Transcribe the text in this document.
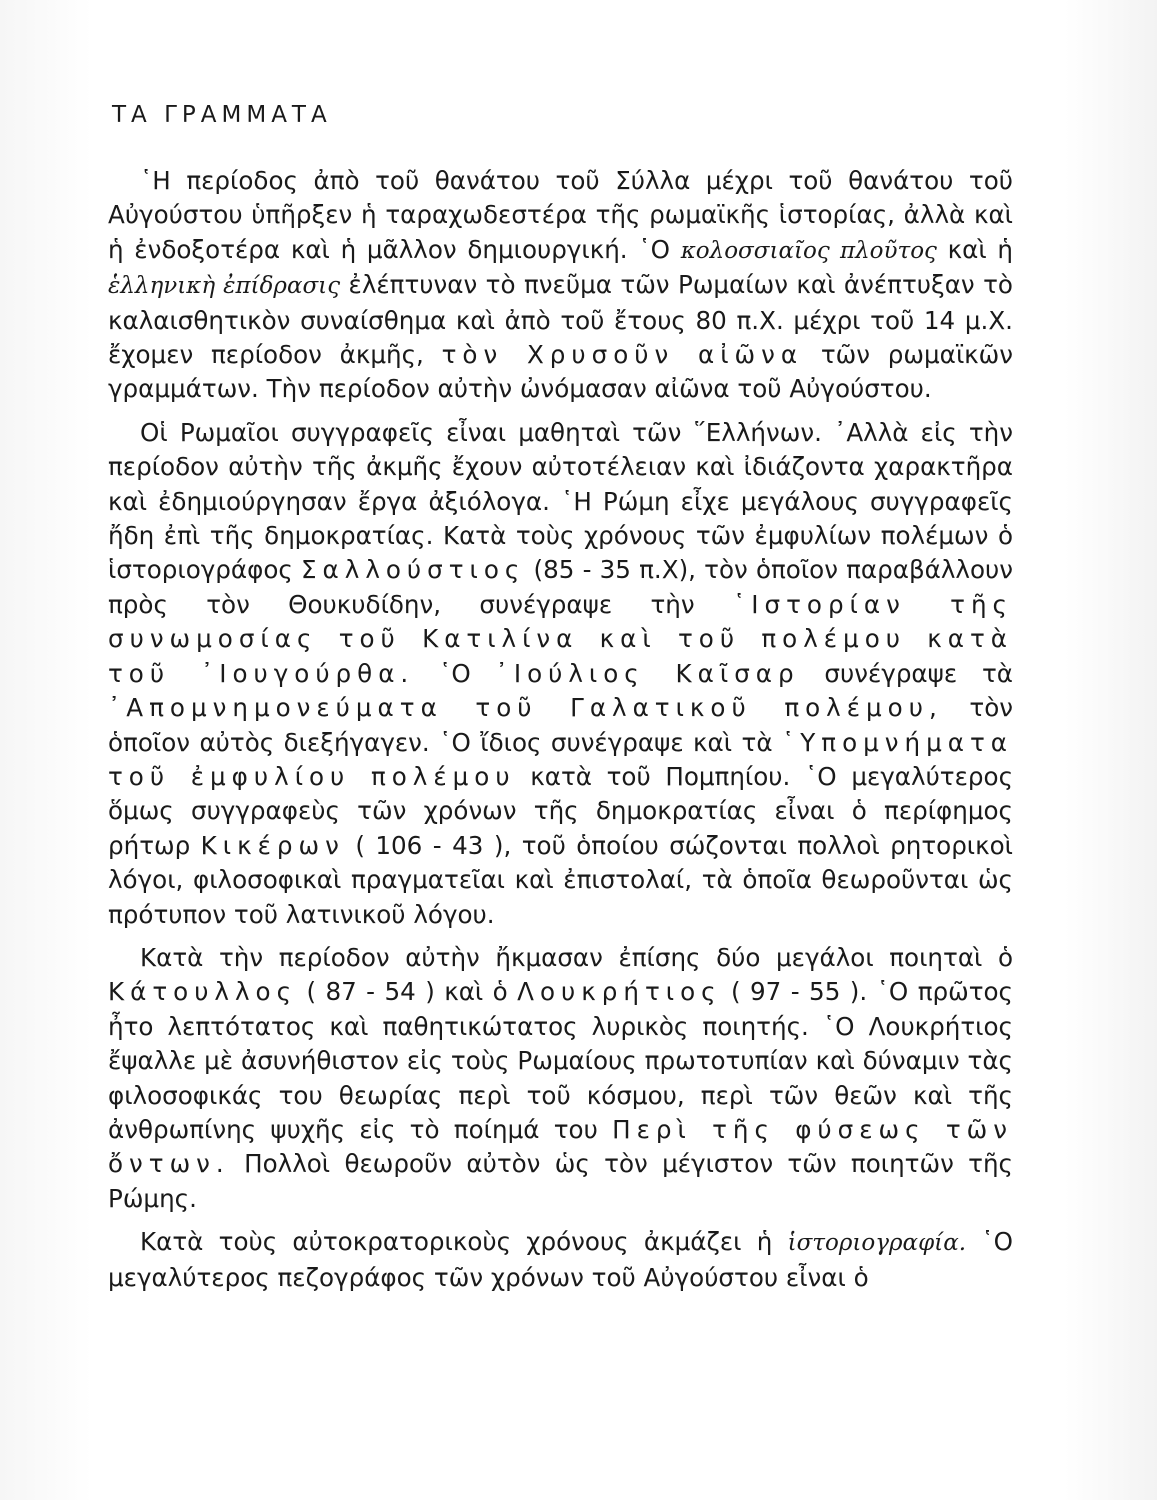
ΤΑ ΓΡΑΜΜΑΤΑ

῾Η περίοδος ἀπὸ τοῦ θανάτου τοῦ Σύλλα μέχρι τοῦ θανάτου τοῦ Αὐγούστου ὑπῆρξεν ἡ ταραχωδεστέρα τῆς ρωμαϊκῆς ἱστορίας, ἀλλὰ καὶ ἡ ἐνδοξοτέρα καὶ ἡ μᾶλλον δημιουργική. ῾Ο κολοσσιαῖος πλοῦτος καὶ ἡ ἑλληνικὴ ἐπίδρασις ἐλέπτυναν τὸ πνεῦμα τῶν Ρωμαίων καὶ ἀνέπτυξαν τὸ καλαισθητικὸν συναίσθημα καὶ ἀπὸ τοῦ ἔτους 80 π.Χ. μέχρι τοῦ 14 μ.Χ. ἔχομεν περίοδον ἀκμῆς, τὸν Χρυσοῦν αἰῶνα τῶν ρωμαϊκῶν γραμμάτων. Τὴν περίοδον αὐτὴν ὠνόμασαν αἰῶνα τοῦ Αὐγούστου.

Οἱ Ρωμαῖοι συγγραφεῖς εἶναι μαθηταὶ τῶν ῞Ελλήνων. ᾿Αλλὰ εἰς τὴν περίοδον αὐτὴν τῆς ἀκμῆς ἔχουν αὐτοτέλειαν καὶ ἰδιάζοντα χαρακτῆρα καὶ ἐδημιούργησαν ἔργα ἀξιόλογα. ῾Η Ρώμη εἶχε μεγάλους συγγραφεῖς ἤδη ἐπὶ τῆς δημοκρατίας. Κατὰ τοὺς χρόνους τῶν ἐμφυλίων πολέμων ὁ ἱστοριογράφος Σαλλούστιος (85 - 35 π.Χ), τὸν ὁποῖον παραβάλλουν πρὸς τὸν Θουκυδίδην, συνέγραψε τὴν ῾Ιστορίαν τῆς συνωμοσίας τοῦ Κατιλίνα καὶ τοῦ πολέμου κατὰ τοῦ ᾿Ιουγούρθα. ῾Ο ᾿Ιούλιος Καῖσαρ συνέγραψε τὰ ᾿Απομνημονεύματα τοῦ Γαλατικοῦ πολέμου, τὸν ὁποῖον αὐτὸς διεξήγαγεν. ῾Ο ἴδιος συνέγραψε καὶ τὰ ῾Υπομνήματα τοῦ ἐμφυλίου πολέμου κατὰ τοῦ Πομπηίου. ῾Ο μεγαλύτερος ὅμως συγγραφεὺς τῶν χρόνων τῆς δημοκρατίας εἶναι ὁ περίφημος ρήτωρ Κικέρων ( 106 - 43 ), τοῦ ὁποίου σώζονται πολλοὶ ρητορικοὶ λόγοι, φιλοσοφικαὶ πραγματεῖαι καὶ ἐπιστολαί, τὰ ὁποῖα θεωροῦνται ὡς πρότυπον τοῦ λατινικοῦ λόγου.

Κατὰ τὴν περίοδον αὐτὴν ἤκμασαν ἐπίσης δύο μεγάλοι ποιηταὶ ὁ Κάτουλλος ( 87 - 54 ) καὶ ὁ Λουκρήτιος ( 97 - 55 ). ῾Ο πρῶτος ἦτο λεπτότατος καὶ παθητικώτατος λυρικὸς ποιητής. ῾Ο Λουκρήτιος ἔψαλλε μὲ ἀσυνήθιστον εἰς τοὺς Ρωμαίους πρωτοτυπίαν καὶ δύναμιν τὰς φιλοσοφικάς του θεωρίας περὶ τοῦ κόσμου, περὶ τῶν θεῶν καὶ τῆς ἀνθρωπίνης ψυχῆς εἰς τὸ ποίημά του Περὶ τῆς φύσεως τῶν ὄντων. Πολλοὶ θεωροῦν αὐτὸν ὡς τὸν μέγιστον τῶν ποιητῶν τῆς Ρώμης.

Κατὰ τοὺς αὐτοκρατορικοὺς χρόνους ἀκμάζει ἡ ἱστοριογραφία. ῾Ο μεγαλύτερος πεζογράφος τῶν χρόνων τοῦ Αὐγούστου εἶναι ὁ
